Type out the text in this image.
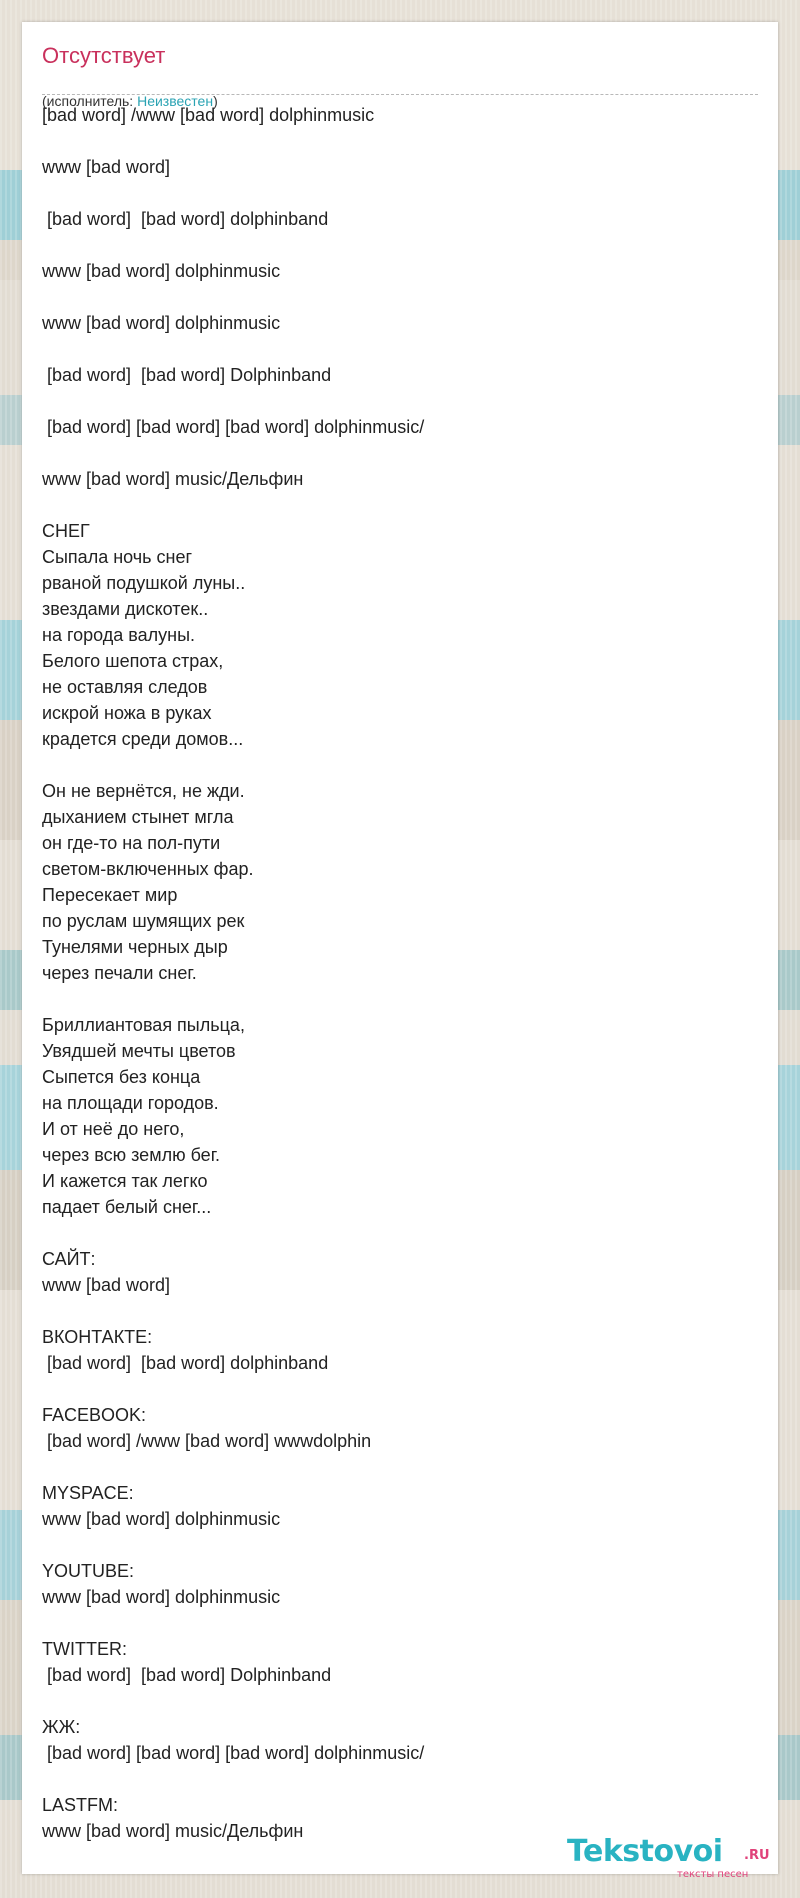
Отсутствует
(исполнитель: Неизвестен)
[bad word] /www [bad word] dolphinmusic

www [bad word]

[bad word]  [bad word] dolphinband

www [bad word] dolphinmusic

www [bad word] dolphinmusic

[bad word]  [bad word] Dolphinband

[bad word] [bad word] [bad word] dolphinmusic/

www [bad word] music/Дельфин

СНЕГ
Сыпала ночь снег
рваной подушкой луны..
звездами дискотек..
на города валуны.
Белого шепота страх,
не оставляя следов
искрой ножа в руках
крадется среди домов...

Он не вернётся, не жди.
дыханием стынет мгла
он где-то на пол-пути
светом-включенных фар.
Пересекает мир
по руслам шумящих рек
Тунелями черных дыр
через печали снег.

Бриллиантовая пыльца,
Увядшей мечты цветов
Сыпется без конца
на площади городов.
И от неё до него,
через всю землю бег.
И кажется так легко
падает белый снег...

САЙТ:
www [bad word]

ВКОНТАКТЕ:
[bad word]  [bad word] dolphinband

FACEBOOK:
[bad word] /www [bad word] wwwdolphin

MYSPACE:
www [bad word] dolphinmusic

YOUTUBE:
www [bad word] dolphinmusic

TWITTER:
[bad word]  [bad word] Dolphinband

ЖЖ:
[bad word] [bad word] [bad word] dolphinmusic/

LASTFM:
www [bad word] music/Дельфин
Tekstovoi .RU
тексты песен
